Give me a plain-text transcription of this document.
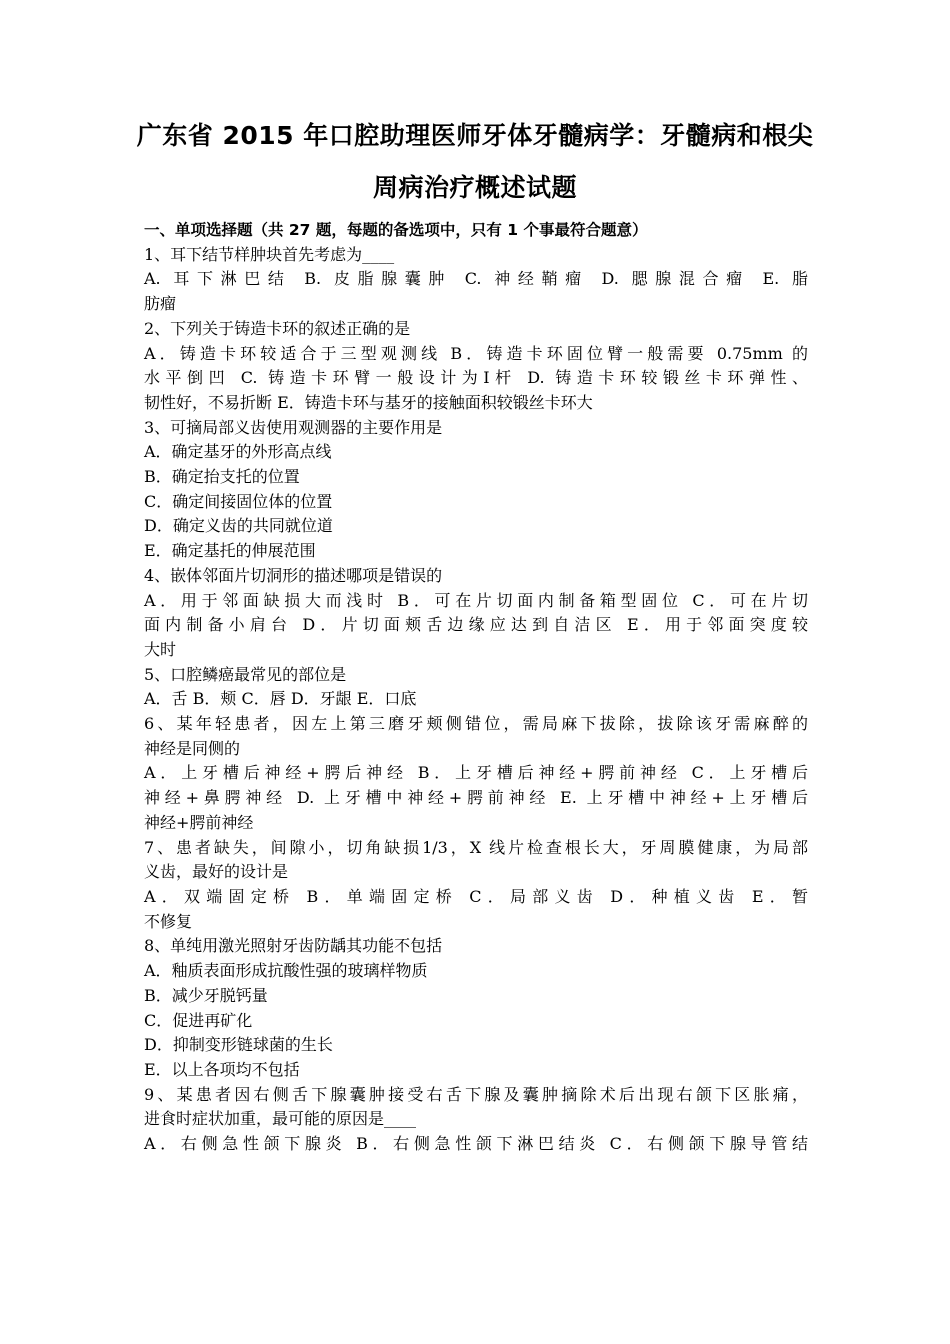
广东省 2015 年口腔助理医师牙体牙髓病学：牙髓病和根尖
周病治疗概述试题
一、单项选择题（共 27 题，每题的备选项中，只有 1 个事最符合题意）
1、耳下结节样肿块首先考虑为____
A. 耳下淋巴结 B. 皮脂腺囊肿 C. 神经鞘瘤 D. 腮腺混合瘤 E. 脂
肪瘤
2、下列关于铸造卡环的叙述正确的是
A．铸造卡环较适合于三型观测线 B．铸造卡环固位臂一般需要 0.75mm 的
水平倒凹 C. 铸造卡环臂一般设计为Ⅰ杆 D. 铸造卡环较锻丝卡环弹性、
韧性好，不易折断 E．铸造卡环与基牙的接触面积较锻丝卡环大
3、可摘局部义齿使用观测器的主要作用是
A．确定基牙的外形高点线
B．确定抬支托的位置
C．确定间接固位体的位置
D．确定义齿的共同就位道
E．确定基托的伸展范围
4、嵌体邻面片切洞形的描述哪项是错误的
A．用于邻面缺损大而浅时 B．可在片切面内制备箱型固位 C．可在片切
面内制备小肩台 D．片切面颊舌边缘应达到自洁区 E．用于邻面突度较
大时
5、口腔鳞癌最常见的部位是
A．舌 B．颊 C．唇 D．牙龈 E．口底
6、某年轻患者，因左上第三磨牙颊侧错位，需局麻下拔除，拔除该牙需麻醉的
神经是同侧的
A．上牙槽后神经+腭后神经 B．上牙槽后神经+腭前神经 C．上牙槽后
神经+鼻腭神经 D. 上牙槽中神经+腭前神经 E. 上牙槽中神经+上牙槽后
神经+腭前神经
7、患者缺失，间隙小，切角缺损1/3，X 线片检查根长大，牙周膜健康，为局部
义齿，最好的设计是
A．双端固定桥 B．单端固定桥 C．局部义齿 D．种植义齿 E．暂
不修复
8、单纯用激光照射牙齿防龋其功能不包括
A．釉质表面形成抗酸性强的玻璃样物质
B．减少牙脱钙量
C．促进再矿化
D．抑制变形链球菌的生长
E．以上各项均不包括
9、某患者因右侧舌下腺囊肿接受右舌下腺及囊肿摘除术后出现右颌下区胀痛，
进食时症状加重，最可能的原因是____
A．右侧急性颌下腺炎 B．右侧急性颌下淋巴结炎 C．右侧颌下腺导管结
